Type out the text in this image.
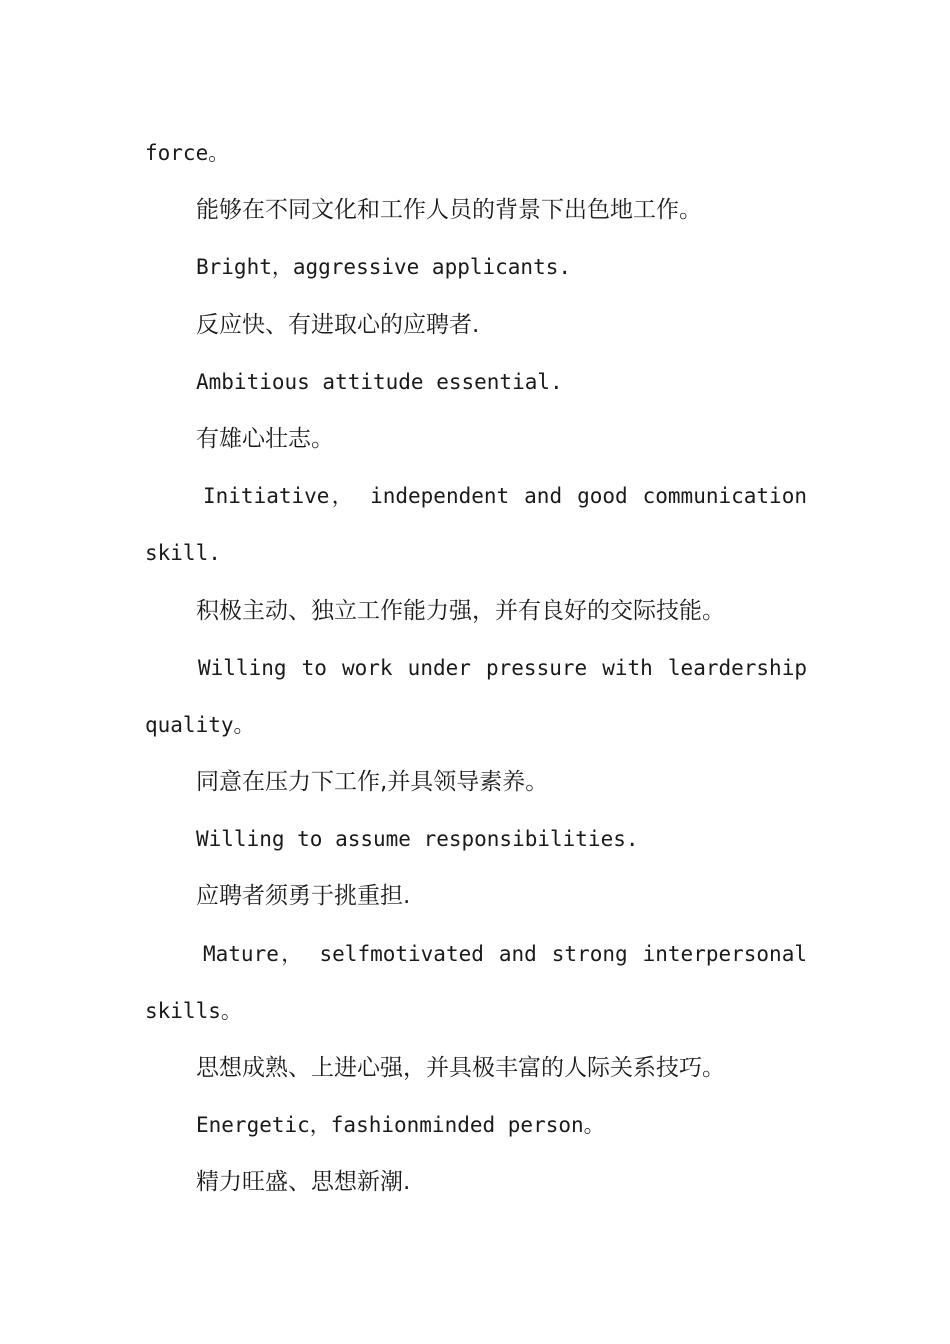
force。
能够在不同文化和工作人员的背景下出色地工作。
Bright，aggressive applicants.
反应快、有进取心的应聘者.
Ambitious attitude essential.
有雄心壮志。
Initiative， independent and good communication
skill.
积极主动、独立工作能力强，并有良好的交际技能。
Willing to work under pressure with leardership
quality。
同意在压力下工作,并具领导素养。
Willing to assume responsibilities.
应聘者须勇于挑重担.
Mature， selfmotivated and strong interpersonal
skills。
思想成熟、上进心强，并具极丰富的人际关系技巧。
Energetic，fashionminded person。
精力旺盛、思想新潮.
